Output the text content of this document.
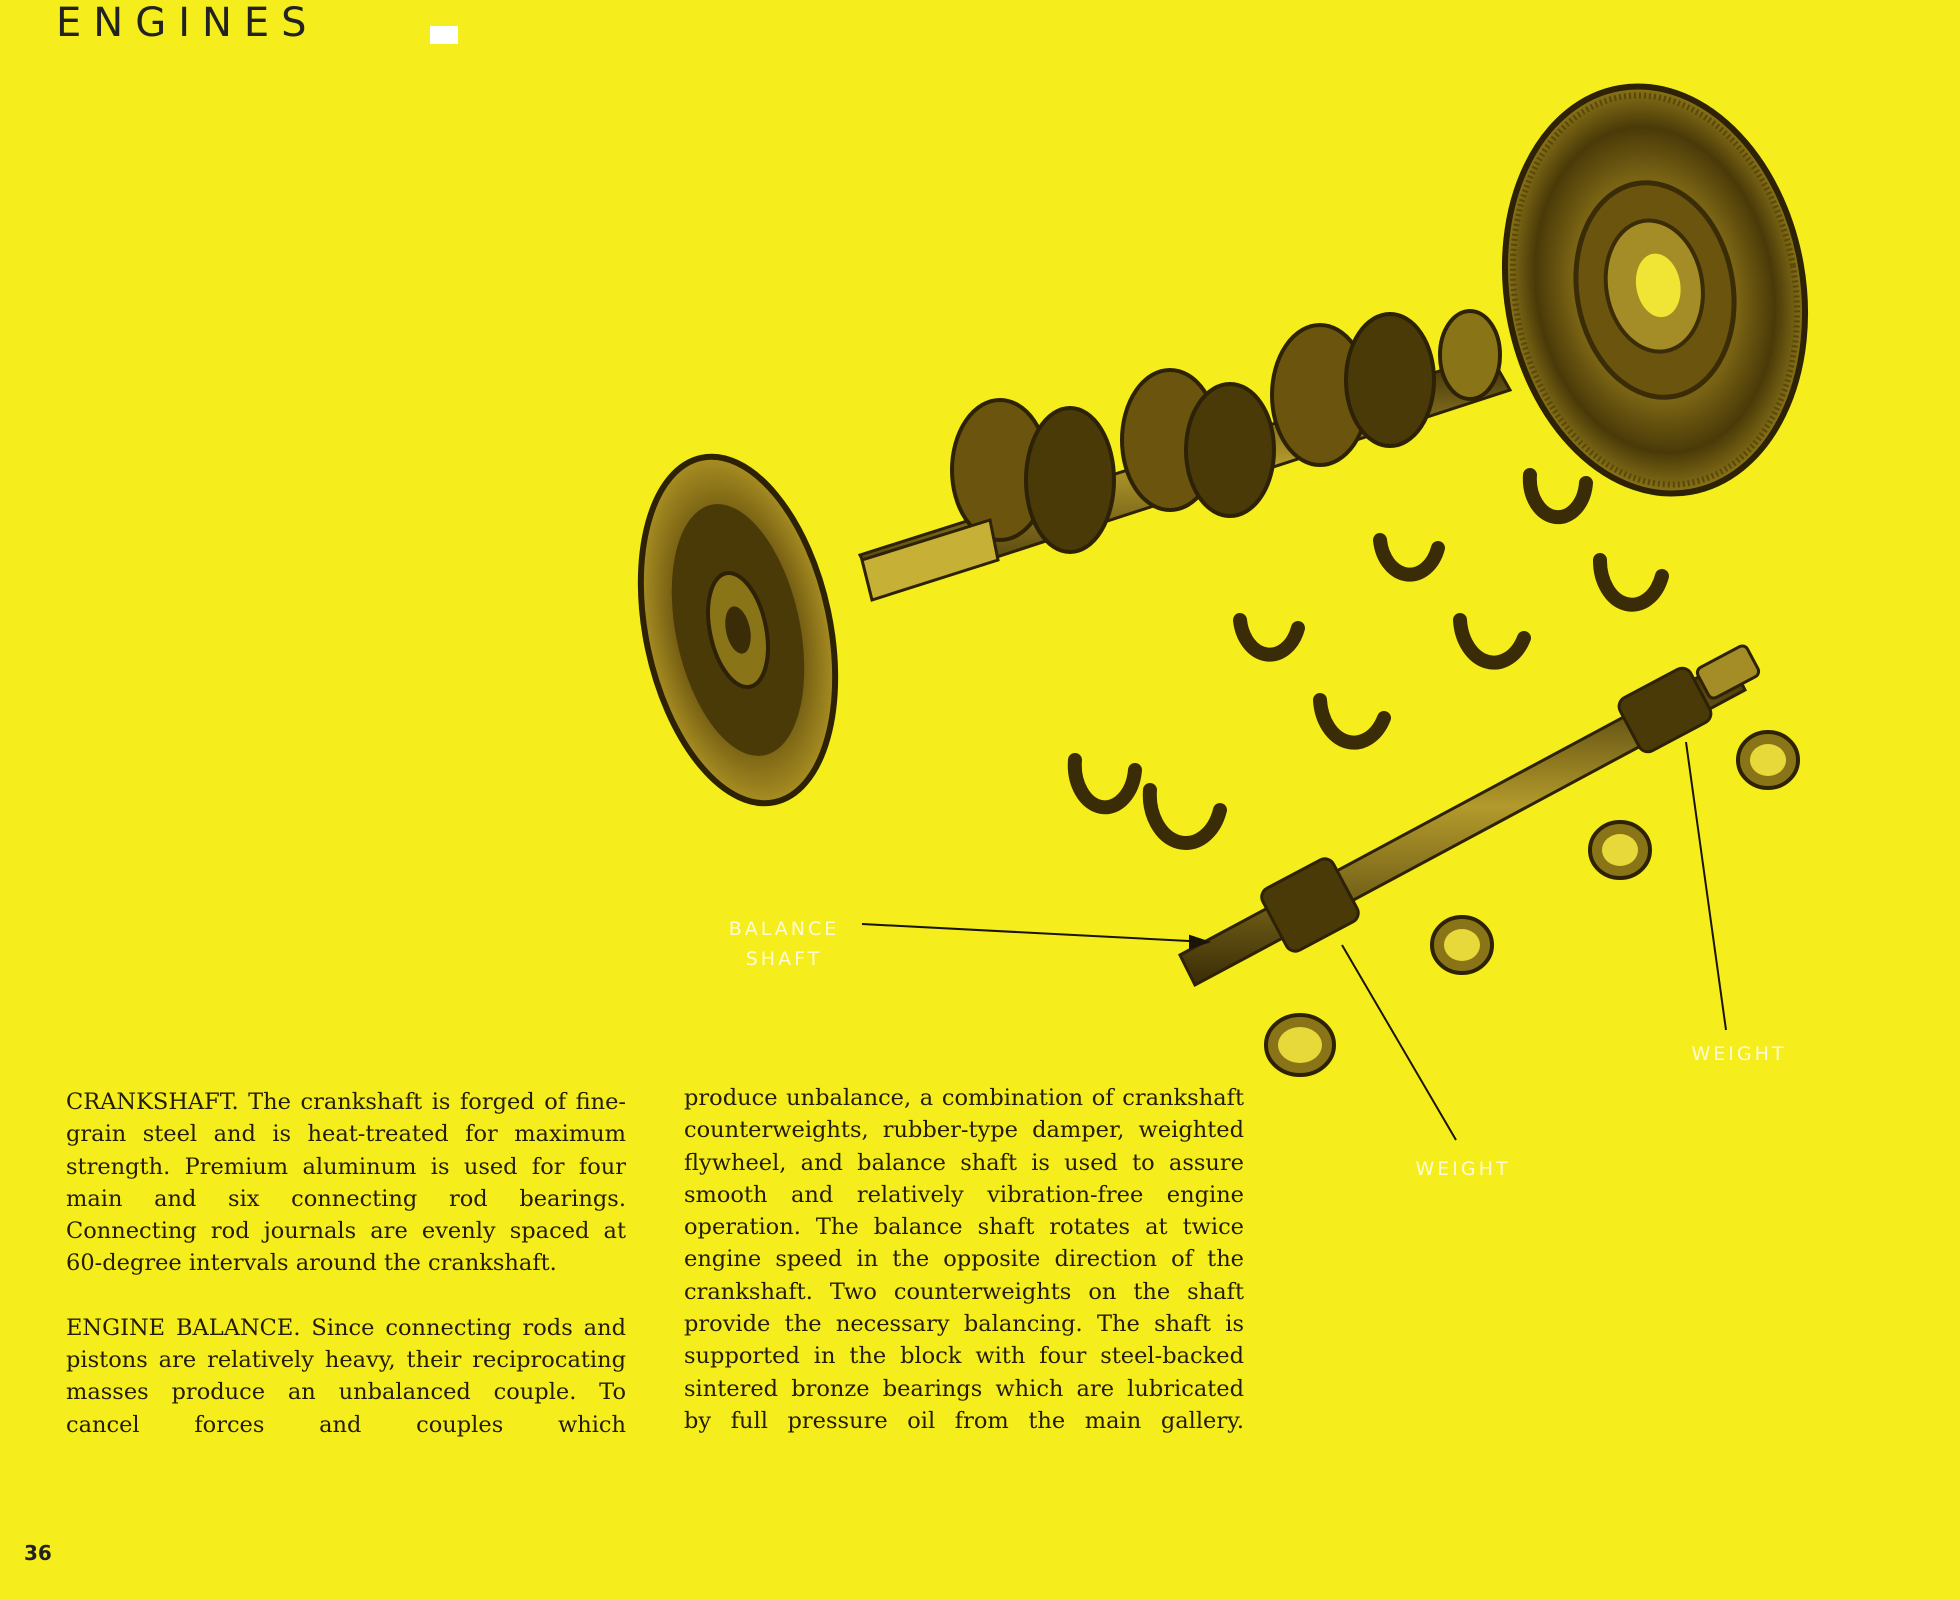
ENGINES
BALANCE
SHAFT
WEIGHT
WEIGHT

CRANKSHAFT. The crankshaft is forged of fine-grain steel and is heat-treated for maximum strength. Premium aluminum is used for four main and six connecting rod bearings. Connecting rod journals are evenly spaced at 60-degree intervals around the crankshaft.

ENGINE BALANCE. Since connecting rods and pistons are relatively heavy, their reciprocating masses produce an unbalanced couple. To cancel forces and couples which

produce unbalance, a combination of crankshaft counterweights, rubber-type damper, weighted flywheel, and balance shaft is used to assure smooth and relatively vibration-free engine operation. The balance shaft rotates at twice engine speed in the opposite direction of the crankshaft. Two counterweights on the shaft provide the necessary balancing. The shaft is supported in the block with four steel-backed sintered bronze bearings which are lubricated by full pressure oil from the main gallery.

36
